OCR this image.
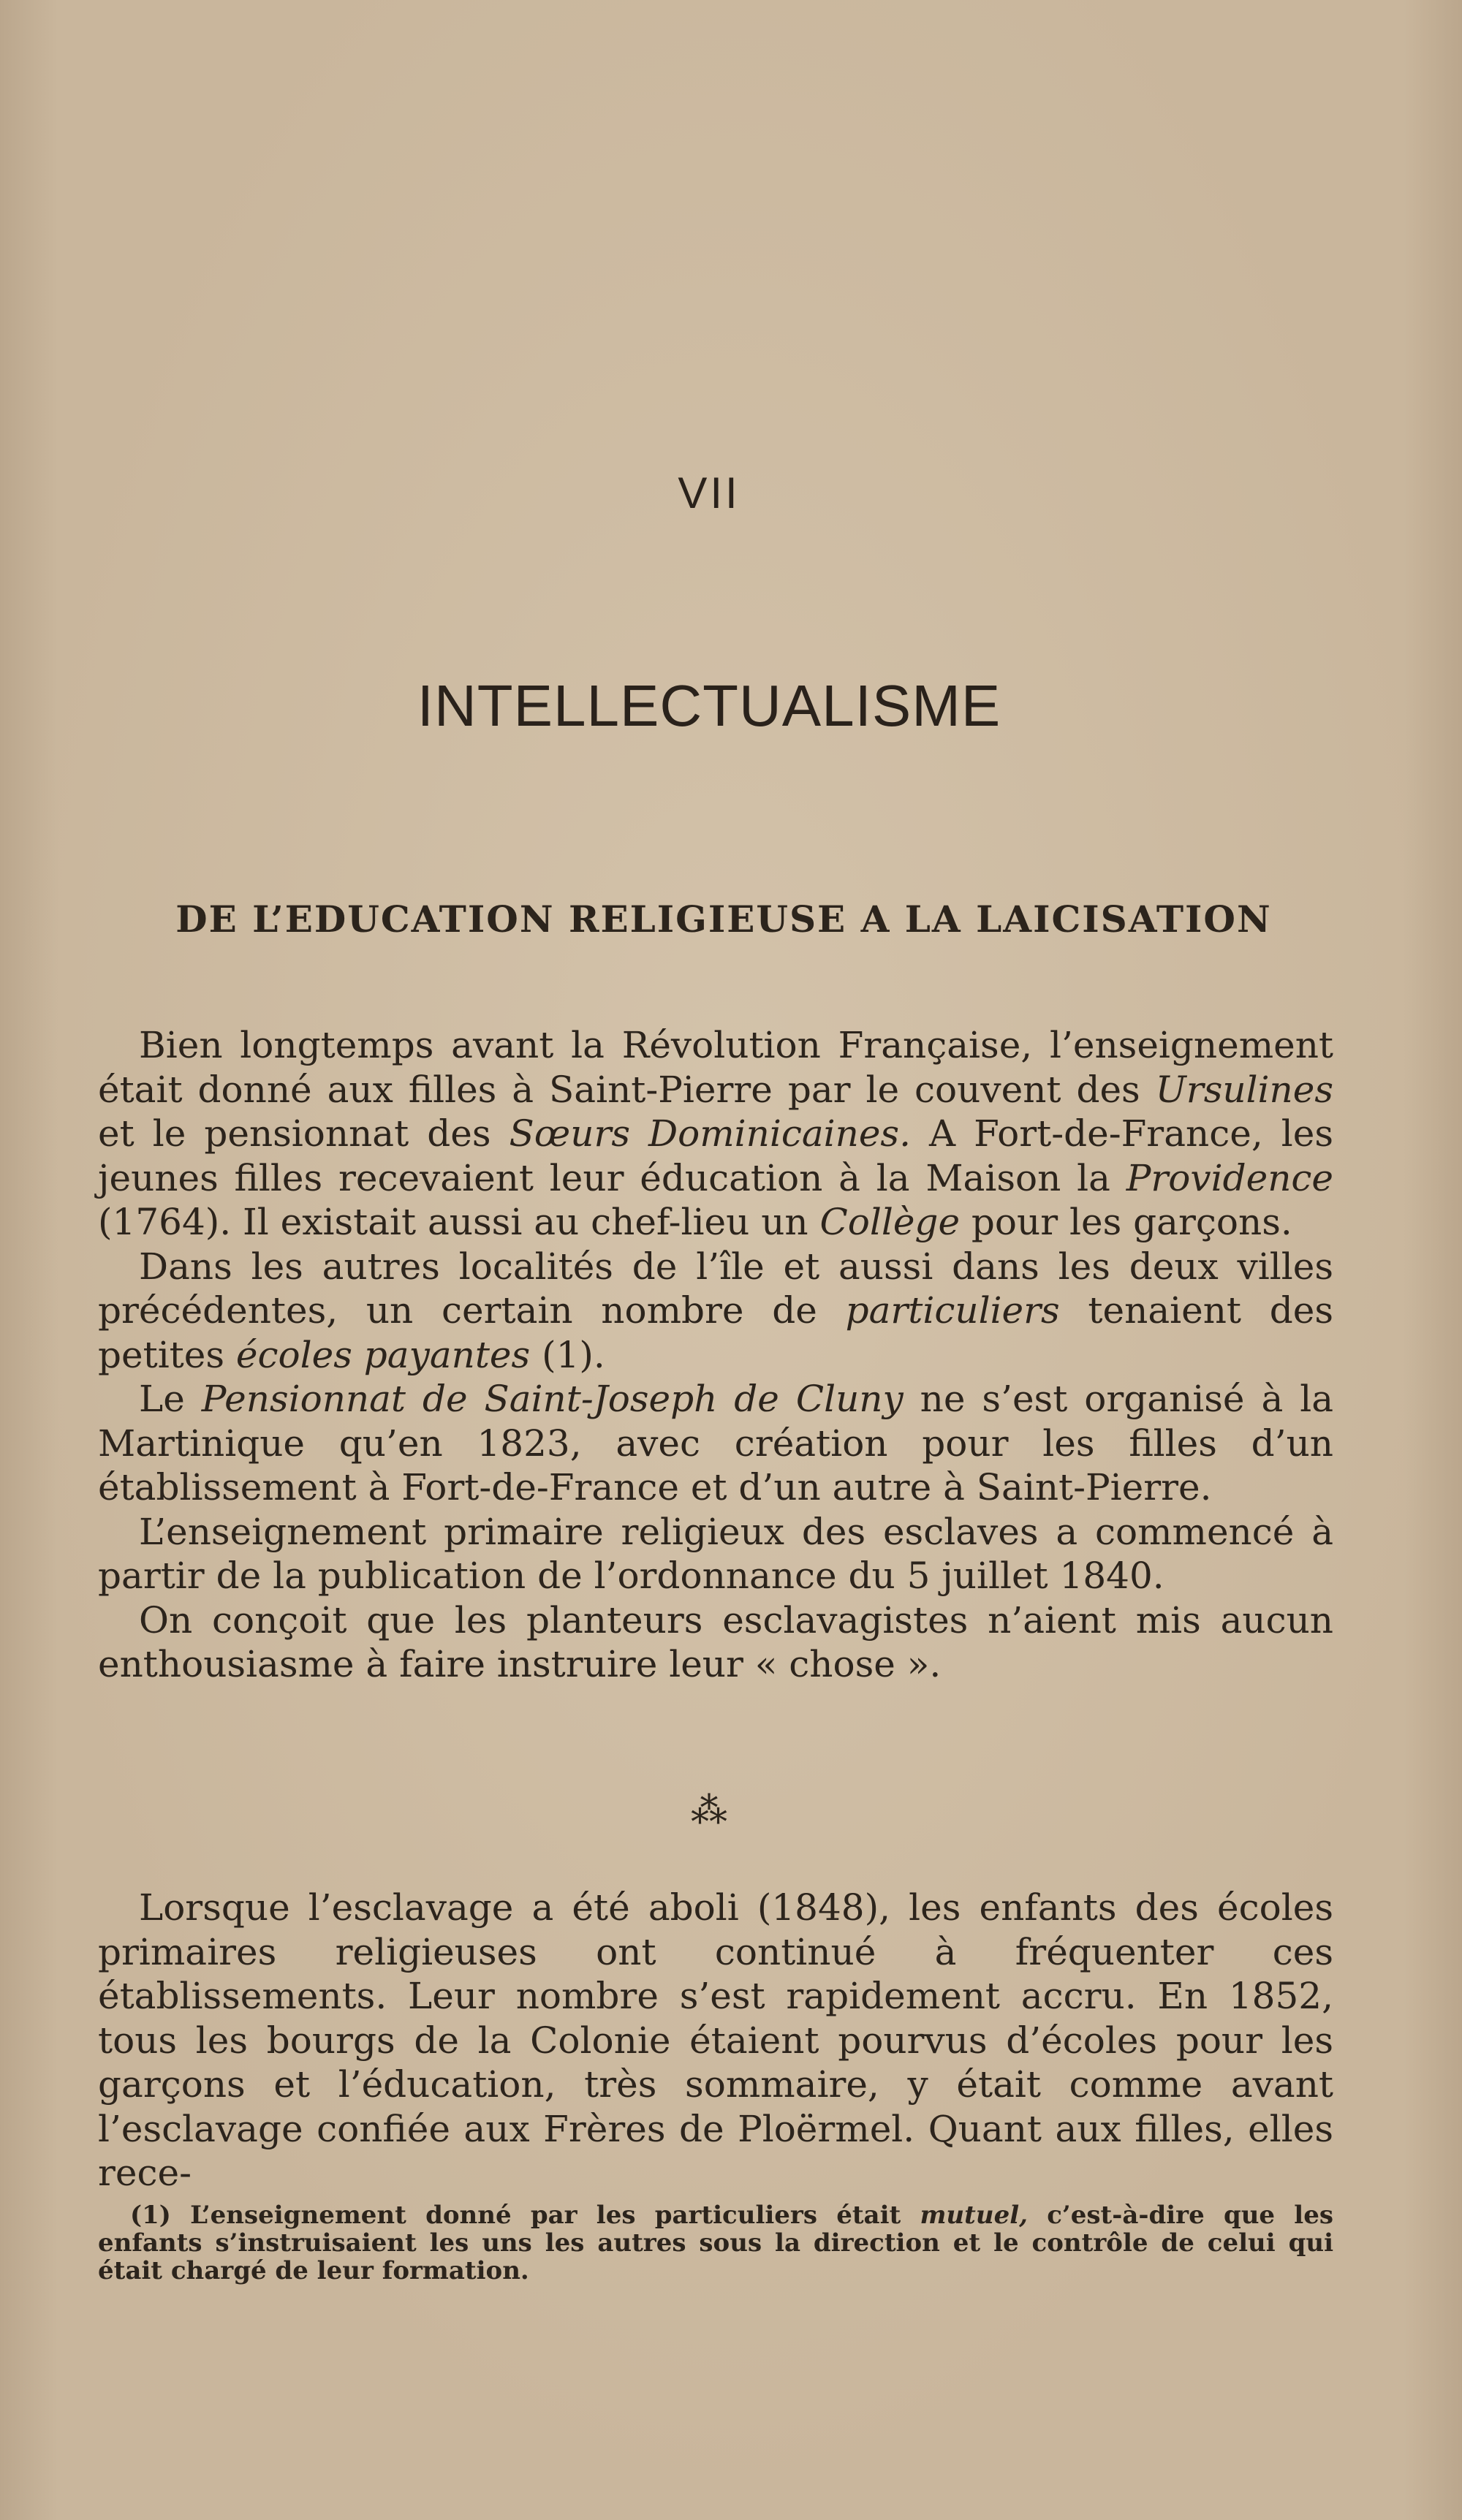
VII
INTELLECTUALISME
DE L’EDUCATION RELIGIEUSE A LA LAICISATION

Bien longtemps avant la Révolution Française, l’enseignement était donné aux filles à Saint-Pierre par le couvent des Ursulines et le pensionnat des Sœurs Dominicaines. A Fort-de-France, les jeunes filles recevaient leur éducation à la Maison la Providence (1764). Il existait aussi au chef-lieu un Collège pour les garçons.

Dans les autres localités de l’île et aussi dans les deux villes précédentes, un certain nombre de particuliers tenaient des petites écoles payantes (1).

Le Pensionnat de Saint-Joseph de Cluny ne s’est organisé à la Martinique qu’en 1823, avec création pour les filles d’un établissement à Fort-de-France et d’un autre à Saint-Pierre.

L’enseignement primaire religieux des esclaves a commencé à partir de la publication de l’ordonnance du 5 juillet 1840.

On conçoit que les planteurs esclavagistes n’aient mis aucun enthousiasme à faire instruire leur « chose ».

⁂

Lorsque l’esclavage a été aboli (1848), les enfants des écoles primaires religieuses ont continué à fréquenter ces établissements. Leur nombre s’est rapidement accru. En 1852, tous les bourgs de la Colonie étaient pourvus d’écoles pour les garçons et l’éducation, très sommaire, y était comme avant l’esclavage confiée aux Frères de Ploërmel. Quant aux filles, elles rece-

(1) L’enseignement donné par les particuliers était mutuel, c’est-à-dire que les enfants s’instruisaient les uns les autres sous la direction et le contrôle de celui qui était chargé de leur formation.
